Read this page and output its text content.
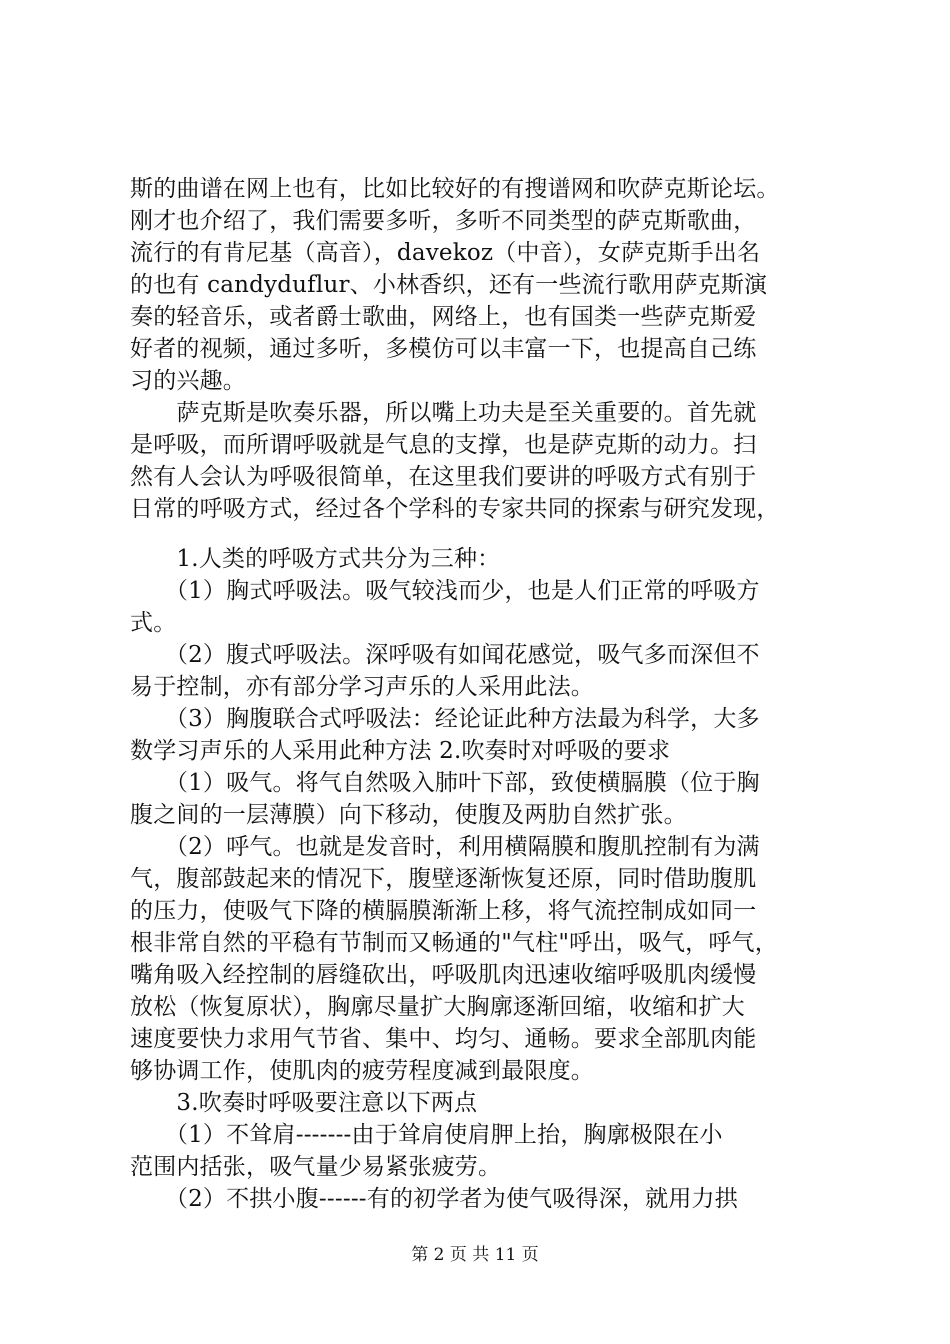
斯的曲谱在网上也有，比如比较好的有搜谱网和吹萨克斯论坛。
刚才也介绍了，我们需要多听，多听不同类型的萨克斯歌曲，
流行的有肯尼基（高音），davekoz（中音），女萨克斯手出名
的也有 candyduflur、小林香织，还有一些流行歌用萨克斯演
奏的轻音乐，或者爵士歌曲，网络上，也有国类一些萨克斯爱
好者的视频，通过多听，多模仿可以丰富一下，也提高自己练
习的兴趣。
　　萨克斯是吹奏乐器，所以嘴上功夫是至关重要的。首先就
是呼吸，而所谓呼吸就是气息的支撑，也是萨克斯的动力。扫
然有人会认为呼吸很简单，在这里我们要讲的呼吸方式有别于
日常的呼吸方式，经过各个学科的专家共同的探索与研究发现，
　　1.人类的呼吸方式共分为三种：
　　（1）胸式呼吸法。吸气较浅而少，也是人们正常的呼吸方
式。
　　（2）腹式呼吸法。深呼吸有如闻花感觉，吸气多而深但不
易于控制，亦有部分学习声乐的人采用此法。
　　（3）胸腹联合式呼吸法：经论证此种方法最为科学，大多
数学习声乐的人采用此种方法 2.吹奏时对呼吸的要求
　　（1）吸气。将气自然吸入肺叶下部，致使横膈膜（位于胸
腹之间的一层薄膜）向下移动，使腹及两肋自然扩张。
　　（2）呼气。也就是发音时，利用横隔膜和腹肌控制有为满
气，腹部鼓起来的情况下，腹壁逐渐恢复还原，同时借助腹肌
的压力，使吸气下降的横膈膜渐渐上移，将气流控制成如同一
根非常自然的平稳有节制而又畅通的"气柱"呼出，吸气，呼气，
嘴角吸入经控制的唇缝砍出，呼吸肌肉迅速收缩呼吸肌肉缓慢
放松（恢复原状），胸廓尽量扩大胸廓逐渐回缩，收缩和扩大
速度要快力求用气节省、集中、均匀、通畅。要求全部肌肉能
够协调工作，使肌肉的疲劳程度减到最限度。
　　3.吹奏时呼吸要注意以下两点
　　（1）不耸肩-------由于耸肩使肩胛上抬，胸廓极限在小
范围内括张，吸气量少易紧张疲劳。
　　（2）不拱小腹------有的初学者为使气吸得深，就用力拱
第 2 页 共 11 页
